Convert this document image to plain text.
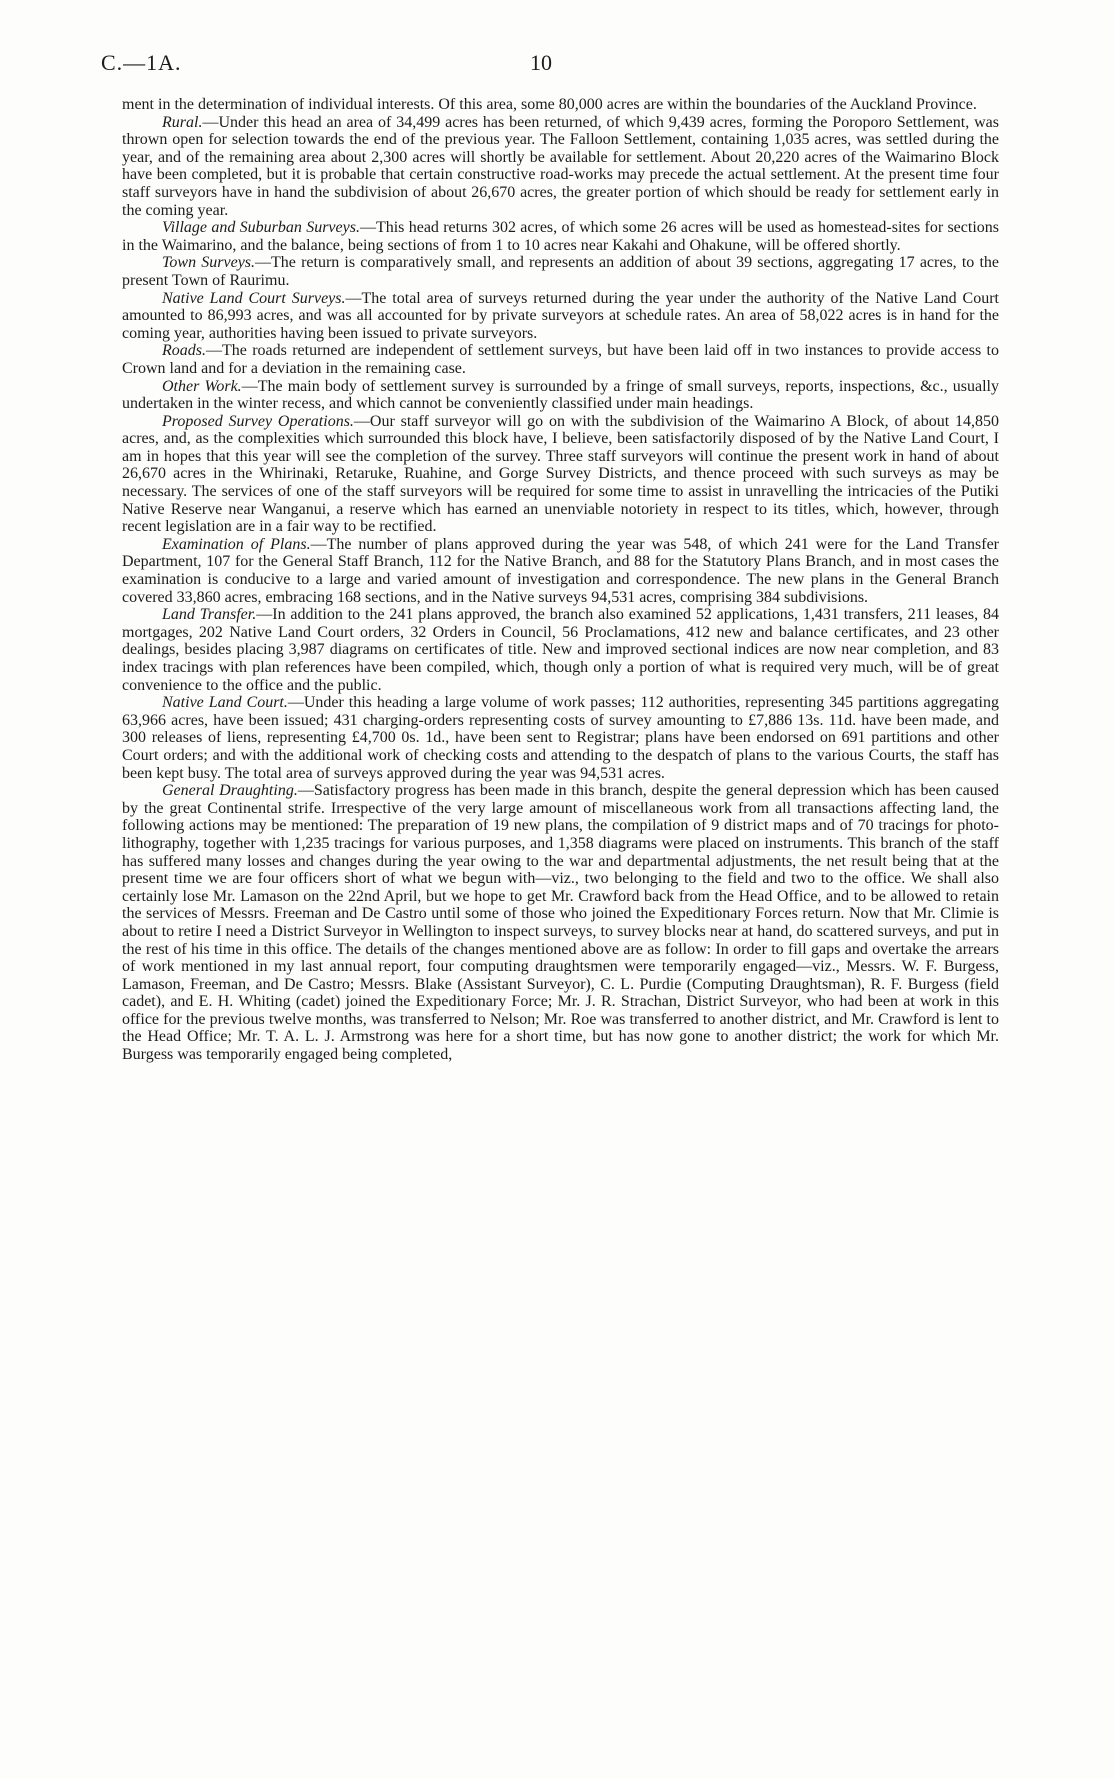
C.—1A.	10

ment in the determination of individual interests. Of this area, some 80,000 acres are within the boundaries of the Auckland Province.

Rural.—Under this head an area of 34,499 acres has been returned, of which 9,439 acres, forming the Poroporo Settlement, was thrown open for selection towards the end of the previous year. The Falloon Settlement, containing 1,035 acres, was settled during the year, and of the remaining area about 2,300 acres will shortly be available for settlement. About 20,220 acres of the Waimarino Block have been completed, but it is probable that certain constructive road-works may precede the actual settlement. At the present time four staff surveyors have in hand the subdivision of about 26,670 acres, the greater portion of which should be ready for settlement early in the coming year.

Village and Suburban Surveys.—This head returns 302 acres, of which some 26 acres will be used as homestead-sites for sections in the Waimarino, and the balance, being sections of from 1 to 10 acres near Kakahi and Ohakune, will be offered shortly.

Town Surveys.—The return is comparatively small, and represents an addition of about 39 sections, aggregating 17 acres, to the present Town of Raurimu.

Native Land Court Surveys.—The total area of surveys returned during the year under the authority of the Native Land Court amounted to 86,993 acres, and was all accounted for by private surveyors at schedule rates. An area of 58,022 acres is in hand for the coming year, authorities having been issued to private surveyors.

Roads.—The roads returned are independent of settlement surveys, but have been laid off in two instances to provide access to Crown land and for a deviation in the remaining case.

Other Work.—The main body of settlement survey is surrounded by a fringe of small surveys, reports, inspections, &c., usually undertaken in the winter recess, and which cannot be conveniently classified under main headings.

Proposed Survey Operations.—Our staff surveyor will go on with the subdivision of the Waimarino A Block, of about 14,850 acres, and, as the complexities which surrounded this block have, I believe, been satisfactorily disposed of by the Native Land Court, I am in hopes that this year will see the completion of the survey. Three staff surveyors will continue the present work in hand of about 26,670 acres in the Whirinaki, Retaruke, Ruahine, and Gorge Survey Districts, and thence proceed with such surveys as may be necessary. The services of one of the staff surveyors will be required for some time to assist in unravelling the intricacies of the Putiki Native Reserve near Wanganui, a reserve which has earned an unenviable notoriety in respect to its titles, which, however, through recent legislation are in a fair way to be rectified.

Examination of Plans.—The number of plans approved during the year was 548, of which 241 were for the Land Transfer Department, 107 for the General Staff Branch, 112 for the Native Branch, and 88 for the Statutory Plans Branch, and in most cases the examination is conducive to a large and varied amount of investigation and correspondence. The new plans in the General Branch covered 33,860 acres, embracing 168 sections, and in the Native surveys 94,531 acres, comprising 384 subdivisions.

Land Transfer.—In addition to the 241 plans approved, the branch also examined 52 applications, 1,431 transfers, 211 leases, 84 mortgages, 202 Native Land Court orders, 32 Orders in Council, 56 Proclamations, 412 new and balance certificates, and 23 other dealings, besides placing 3,987 diagrams on certificates of title. New and improved sectional indices are now near completion, and 83 index tracings with plan references have been compiled, which, though only a portion of what is required very much, will be of great convenience to the office and the public.

Native Land Court.—Under this heading a large volume of work passes; 112 authorities, representing 345 partitions aggregating 63,966 acres, have been issued; 431 charging-orders representing costs of survey amounting to £7,886 13s. 11d. have been made, and 300 releases of liens, representing £4,700 0s. 1d., have been sent to Registrar; plans have been endorsed on 691 partitions and other Court orders; and with the additional work of checking costs and attending to the despatch of plans to the various Courts, the staff has been kept busy. The total area of surveys approved during the year was 94,531 acres.

General Draughting.—Satisfactory progress has been made in this branch, despite the general depression which has been caused by the great Continental strife. Irrespective of the very large amount of miscellaneous work from all transactions affecting land, the following actions may be mentioned: The preparation of 19 new plans, the compilation of 9 district maps and of 70 tracings for photo-lithography, together with 1,235 tracings for various purposes, and 1,358 diagrams were placed on instruments. This branch of the staff has suffered many losses and changes during the year owing to the war and departmental adjustments, the net result being that at the present time we are four officers short of what we begun with—viz., two belonging to the field and two to the office. We shall also certainly lose Mr. Lamason on the 22nd April, but we hope to get Mr. Crawford back from the Head Office, and to be allowed to retain the services of Messrs. Freeman and De Castro until some of those who joined the Expeditionary Forces return. Now that Mr. Climie is about to retire I need a District Surveyor in Wellington to inspect surveys, to survey blocks near at hand, do scattered surveys, and put in the rest of his time in this office. The details of the changes mentioned above are as follow: In order to fill gaps and overtake the arrears of work mentioned in my last annual report, four computing draughtsmen were temporarily engaged—viz., Messrs. W. F. Burgess, Lamason, Freeman, and De Castro; Messrs. Blake (Assistant Surveyor), C. L. Purdie (Computing Draughtsman), R. F. Burgess (field cadet), and E. H. Whiting (cadet) joined the Expeditionary Force; Mr. J. R. Strachan, District Surveyor, who had been at work in this office for the previous twelve months, was transferred to Nelson; Mr. Roe was transferred to another district, and Mr. Crawford is lent to the Head Office; Mr. T. A. L. J. Armstrong was here for a short time, but has now gone to another district; the work for which Mr. Burgess was temporarily engaged being completed,
